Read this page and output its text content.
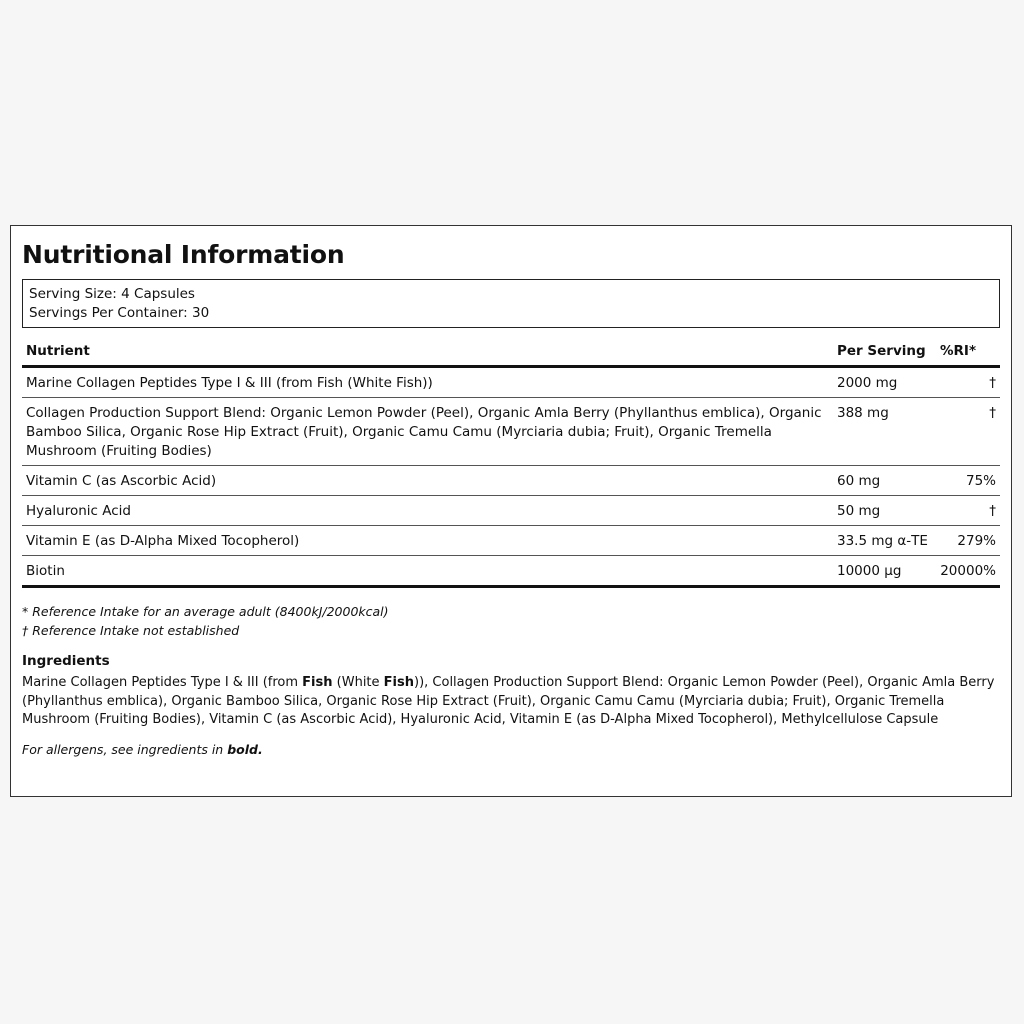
Nutritional Information
Serving Size: 4 Capsules
Servings Per Container: 30
Nutrient	Per Serving	%RI*
Marine Collagen Peptides Type I & III (from Fish (White Fish))	2000 mg	†
Collagen Production Support Blend: Organic Lemon Powder (Peel), Organic Amla Berry (Phyllanthus emblica), Organic Bamboo Silica, Organic Rose Hip Extract (Fruit), Organic Camu Camu (Myrciaria dubia; Fruit), Organic Tremella Mushroom (Fruiting Bodies)	388 mg	†
Vitamin C (as Ascorbic Acid)	60 mg	75%
Hyaluronic Acid	50 mg	†
Vitamin E (as D-Alpha Mixed Tocopherol)	33.5 mg α-TE	279%
Biotin	10000 µg	20000%
* Reference Intake for an average adult (8400kJ/2000kcal)
† Reference Intake not established
Ingredients
Marine Collagen Peptides Type I & III (from Fish (White Fish)), Collagen Production Support Blend: Organic Lemon Powder (Peel), Organic Amla Berry (Phyllanthus emblica), Organic Bamboo Silica, Organic Rose Hip Extract (Fruit), Organic Camu Camu (Myrciaria dubia; Fruit), Organic Tremella Mushroom (Fruiting Bodies), Vitamin C (as Ascorbic Acid), Hyaluronic Acid, Vitamin E (as D-Alpha Mixed Tocopherol), Methylcellulose Capsule
For allergens, see ingredients in bold.
